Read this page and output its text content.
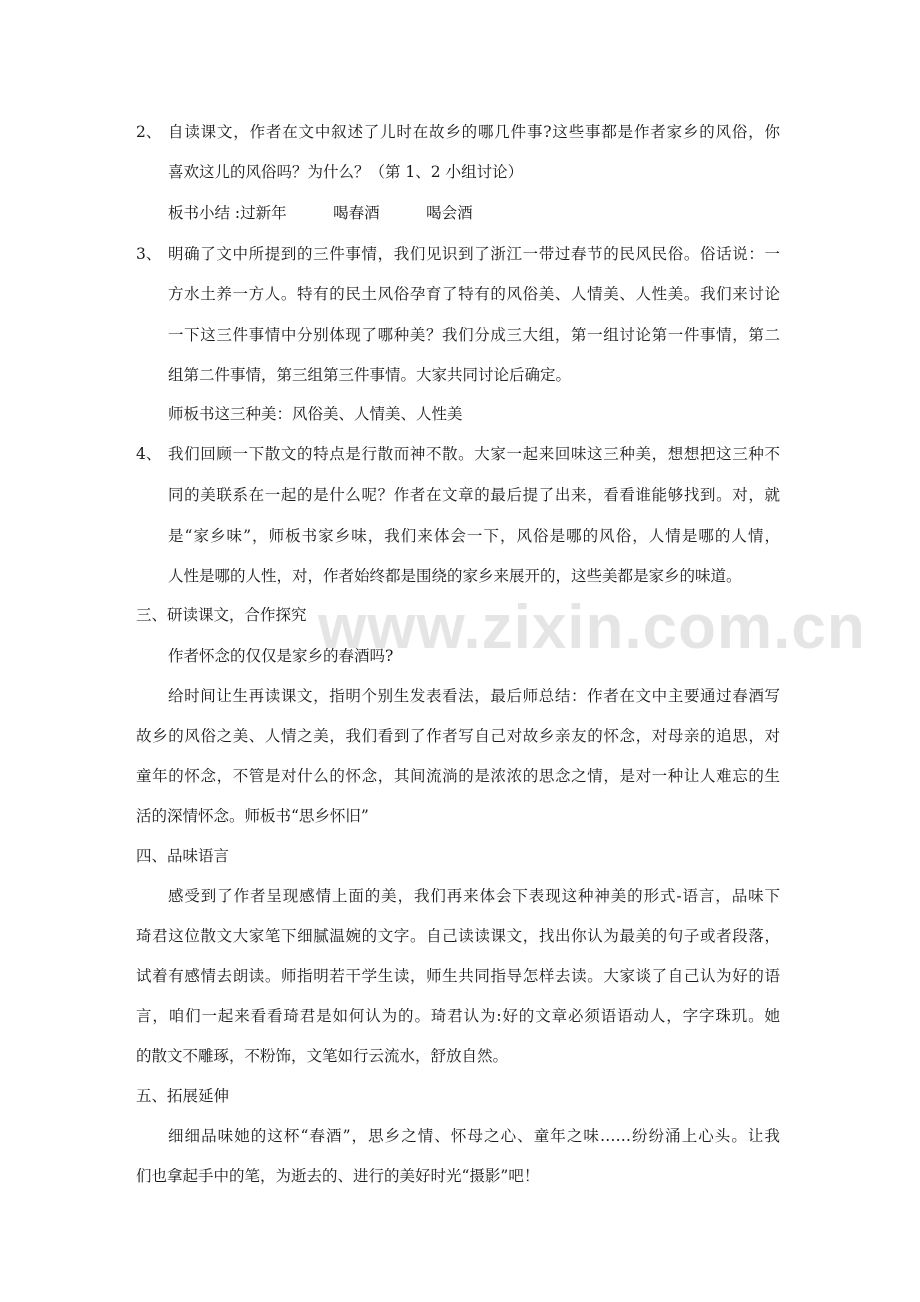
www.zixin.com.cn
2、 自读课文，作者在文中叙述了儿时在故乡的哪几件事?这些事都是作者家乡的风俗，你
喜欢这儿的风俗吗？为什么？（第 1、2 小组讨论）
板书小结 :过新年　　　喝春酒　　　喝会酒
3、 明确了文中所提到的三件事情，我们见识到了浙江一带过春节的民风民俗。俗话说：一
方水土养一方人。特有的民土风俗孕育了特有的风俗美、人情美、人性美。我们来讨论
一下这三件事情中分别体现了哪种美？我们分成三大组，第一组讨论第一件事情，第二
组第二件事情，第三组第三件事情。大家共同讨论后确定。
师板书这三种美：风俗美、人情美、人性美
4、 我们回顾一下散文的特点是行散而神不散。大家一起来回味这三种美，想想把这三种不
同的美联系在一起的是什么呢？作者在文章的最后提了出来，看看谁能够找到。对，就
是“家乡味”，师板书家乡味，我们来体会一下，风俗是哪的风俗，人情是哪的人情，
人性是哪的人性，对，作者始终都是围绕的家乡来展开的，这些美都是家乡的味道。
三、研读课文，合作探究
作者怀念的仅仅是家乡的春酒吗?
给时间让生再读课文，指明个别生发表看法，最后师总结：作者在文中主要通过春酒写
故乡的风俗之美、人情之美，我们看到了作者写自己对故乡亲友的怀念，对母亲的追思，对
童年的怀念，不管是对什么的怀念，其间流淌的是浓浓的思念之情，是对一种让人难忘的生
活的深情怀念。师板书“思乡怀旧”
四、品味语言
感受到了作者呈现感情上面的美，我们再来体会下表现这种神美的形式-语言，品味下
琦君这位散文大家笔下细腻温婉的文字。自己读读课文，找出你认为最美的句子或者段落，
试着有感情去朗读。师指明若干学生读，师生共同指导怎样去读。大家谈了自己认为好的语
言，咱们一起来看看琦君是如何认为的。琦君认为:好的文章必须语语动人，字字珠玑。她
的散文不雕琢，不粉饰，文笔如行云流水，舒放自然。
五、拓展延伸
细细品味她的这杯“春酒”，思乡之情、怀母之心、童年之味……纷纷涌上心头。让我
们也拿起手中的笔，为逝去的、进行的美好时光“摄影”吧！
